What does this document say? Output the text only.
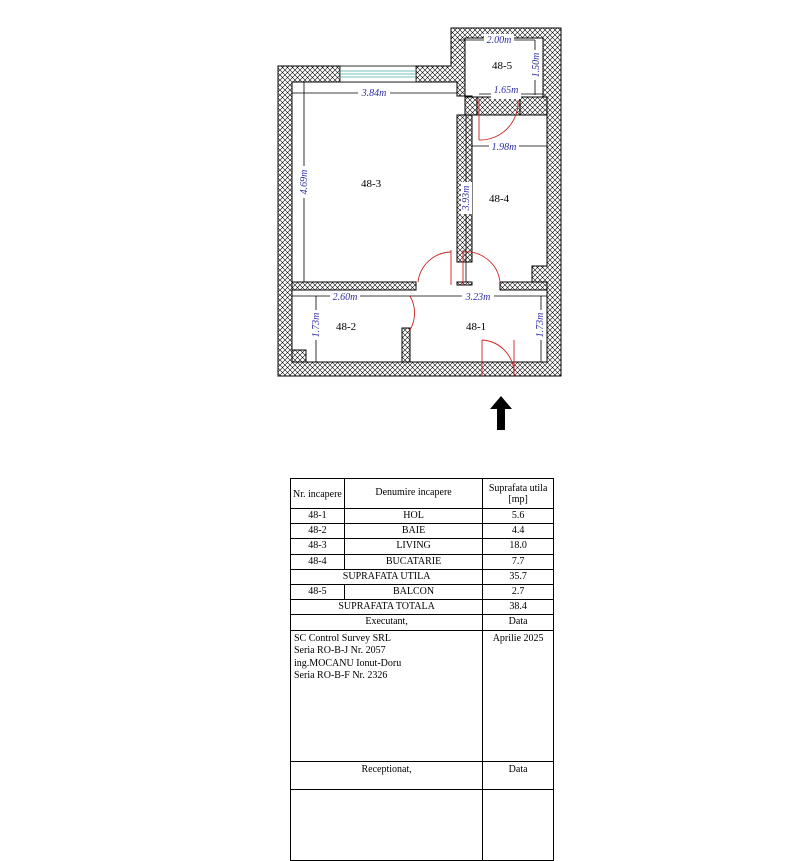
2.00m
1.50m
1.65m
3.84m
1.98m
4.69m
3.93m
2.60m	3.23m
1.73m	1.73m
48-1
48-2
48-3
48-4
48-5
Nr. incapere	Denumire incapere	Suprafata utila [mp]
48-1	HOL	5.6
48-2	BAIE	4.4
48-3	LIVING	18.0
48-4	BUCATARIE	7.7
SUPRAFATA UTILA		35.7
48-5	BALCON	2.7
SUPRAFATA TOTALA		38.4
Executant,		Data

SC Control Survey SRL
Seria RO-B-J Nr. 2057
ing.MOCANU Ionut-Doru
Seria RO-B-F Nr. 2326		Aprilie 2025
Receptionat,		Data
